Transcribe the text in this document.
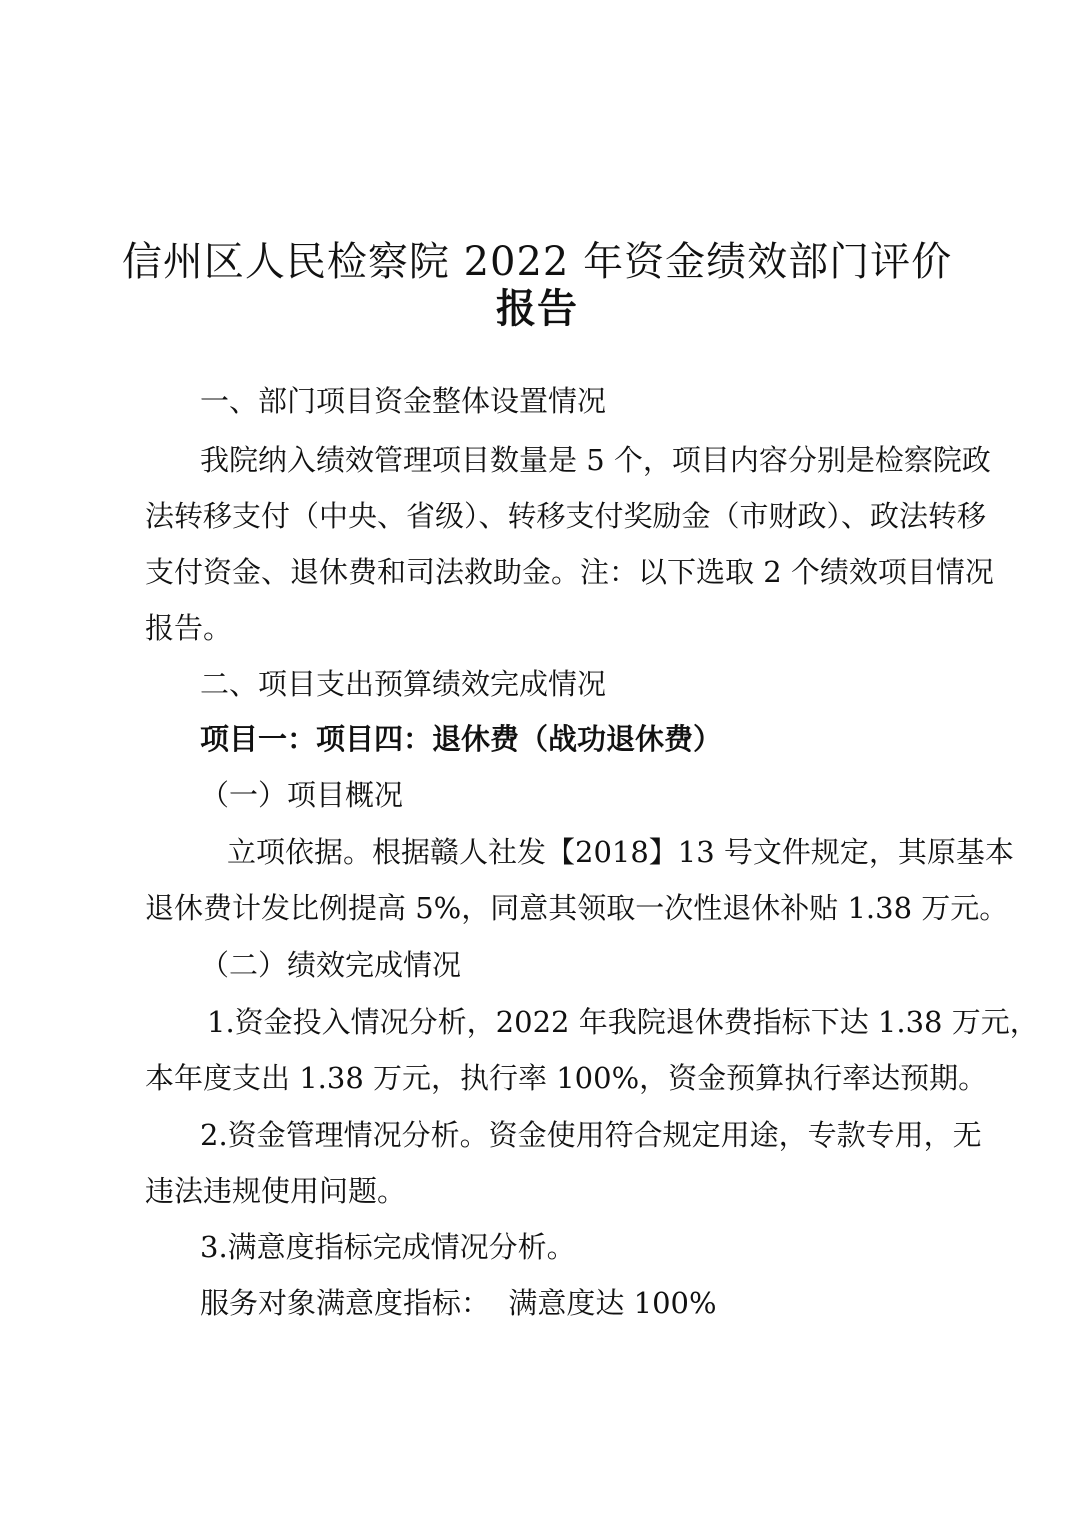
信州区人民检察院 2022 年资金绩效部门评价
报告

一、部门项目资金整体设置情况

我院纳入绩效管理项目数量是 5 个，项目内容分别是检察院政

法转移支付（中央、省级）、转移支付奖励金（市财政）、政法转移

支付资金、退休费和司法救助金。注：以下选取 2 个绩效项目情况

报告。

二、项目支出预算绩效完成情况

项目一：项目四：退休费（战功退休费）

（一）项目概况

立项依据。根据赣人社发【2018】13 号文件规定，其原基本

退休费计发比例提高 5%，同意其领取一次性退休补贴 1.38 万元。

（二）绩效完成情况

1.资金投入情况分析，2022 年我院退休费指标下达 1.38 万元，

本年度支出 1.38 万元，执行率 100%，资金预算执行率达预期。

2.资金管理情况分析。资金使用符合规定用途，专款专用，无

违法违规使用问题。

3.满意度指标完成情况分析。

服务对象满意度指标：  满意度达 100%
